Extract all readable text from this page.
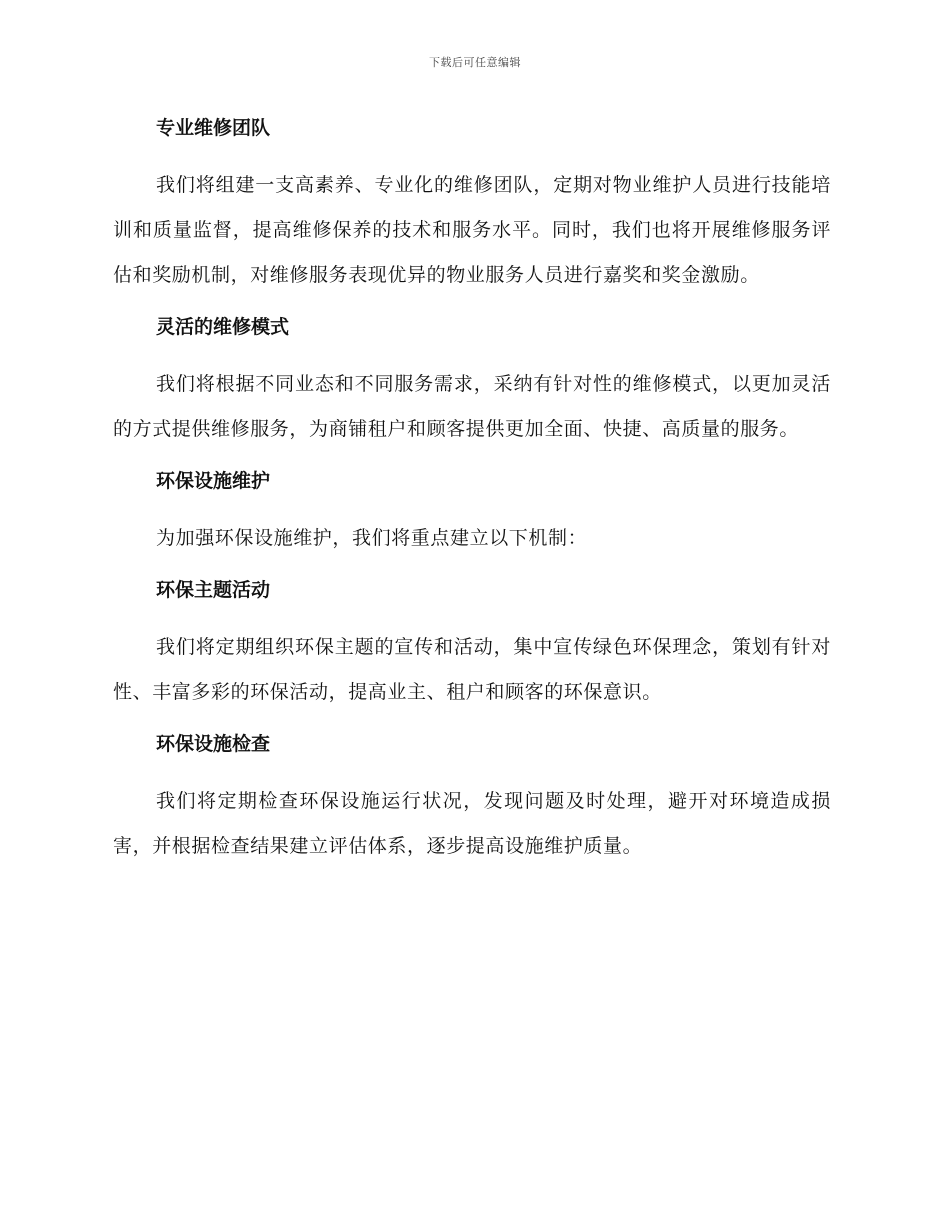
下载后可任意编辑
专业维修团队

我们将组建一支高素养、专业化的维修团队，定期对物业维护人员进行技能培训和质量监督，提高维修保养的技术和服务水平。同时，我们也将开展维修服务评估和奖励机制，对维修服务表现优异的物业服务人员进行嘉奖和奖金激励。

灵活的维修模式

我们将根据不同业态和不同服务需求，采纳有针对性的维修模式，以更加灵活的方式提供维修服务，为商铺租户和顾客提供更加全面、快捷、高质量的服务。

环保设施维护

为加强环保设施维护，我们将重点建立以下机制：

环保主题活动

我们将定期组织环保主题的宣传和活动，集中宣传绿色环保理念，策划有针对性、丰富多彩的环保活动，提高业主、租户和顾客的环保意识。

环保设施检查

我们将定期检查环保设施运行状况，发现问题及时处理，避开对环境造成损害，并根据检查结果建立评估体系，逐步提高设施维护质量。
